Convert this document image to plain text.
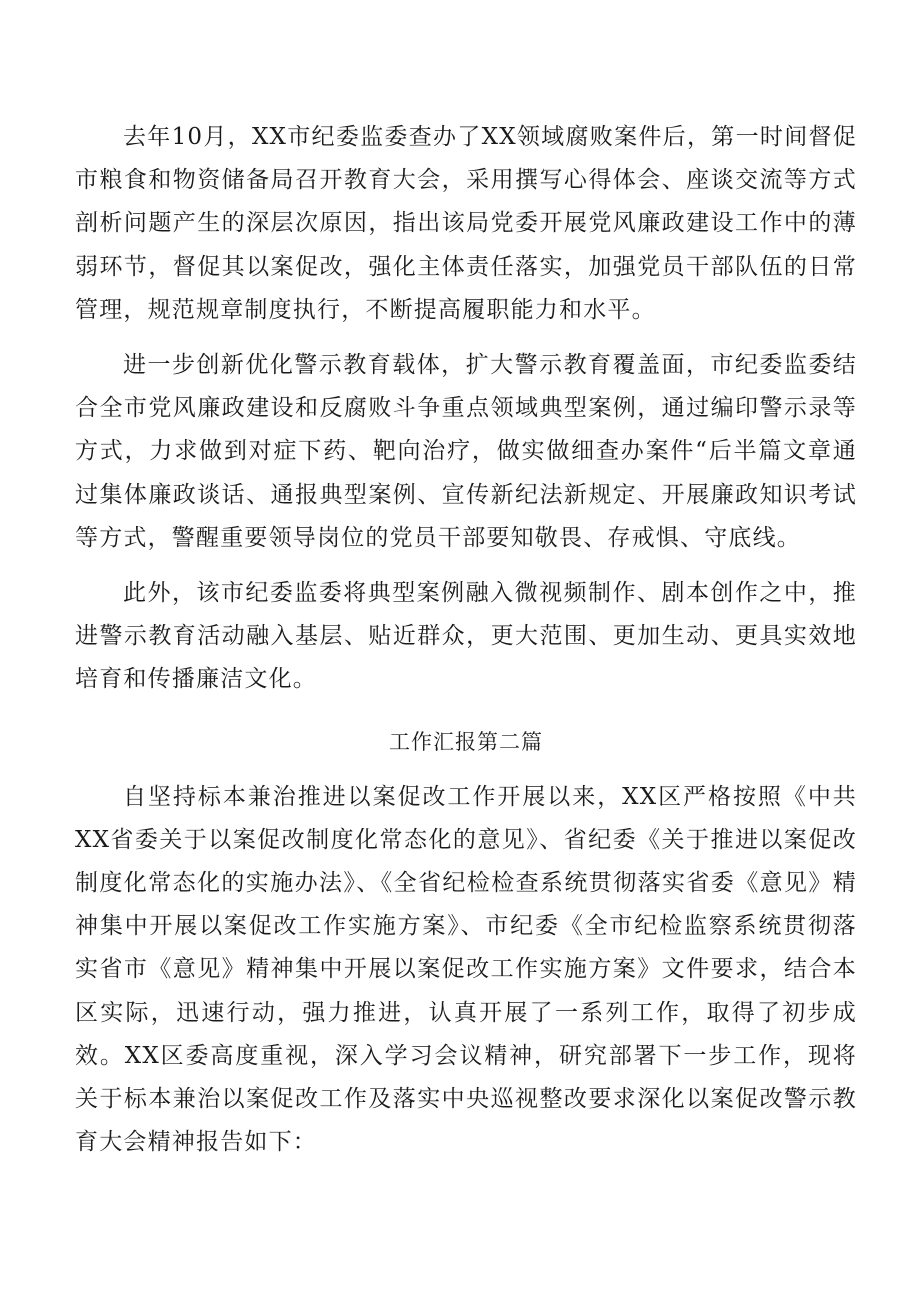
去年10月，XX市纪委监委查办了XX领域腐败案件后，第一时间督促市粮食和物资储备局召开教育大会，采用撰写心得体会、座谈交流等方式剖析问题产生的深层次原因，指出该局党委开展党风廉政建设工作中的薄弱环节，督促其以案促改，强化主体责任落实，加强党员干部队伍的日常管理，规范规章制度执行，不断提高履职能力和水平。

进一步创新优化警示教育载体，扩大警示教育覆盖面，市纪委监委结合全市党风廉政建设和反腐败斗争重点领域典型案例，通过编印警示录等方式，力求做到对症下药、靶向治疗，做实做细查办案件“后半篇文章通过集体廉政谈话、通报典型案例、宣传新纪法新规定、开展廉政知识考试等方式，警醒重要领导岗位的党员干部要知敬畏、存戒惧、守底线。

此外，该市纪委监委将典型案例融入微视频制作、剧本创作之中，推进警示教育活动融入基层、贴近群众，更大范围、更加生动、更具实效地培育和传播廉洁文化。

工作汇报第二篇

自坚持标本兼治推进以案促改工作开展以来，XX区严格按照《中共XX省委关于以案促改制度化常态化的意见》、省纪委《关于推进以案促改制度化常态化的实施办法》、《全省纪检检查系统贯彻落实省委《意见》精神集中开展以案促改工作实施方案》、市纪委《全市纪检监察系统贯彻落实省市《意见》精神集中开展以案促改工作实施方案》文件要求，结合本区实际，迅速行动，强力推进，认真开展了一系列工作，取得了初步成效。XX区委高度重视，深入学习会议精神，研究部署下一步工作，现将关于标本兼治以案促改工作及落实中央巡视整改要求深化以案促改警示教育大会精神报告如下：
